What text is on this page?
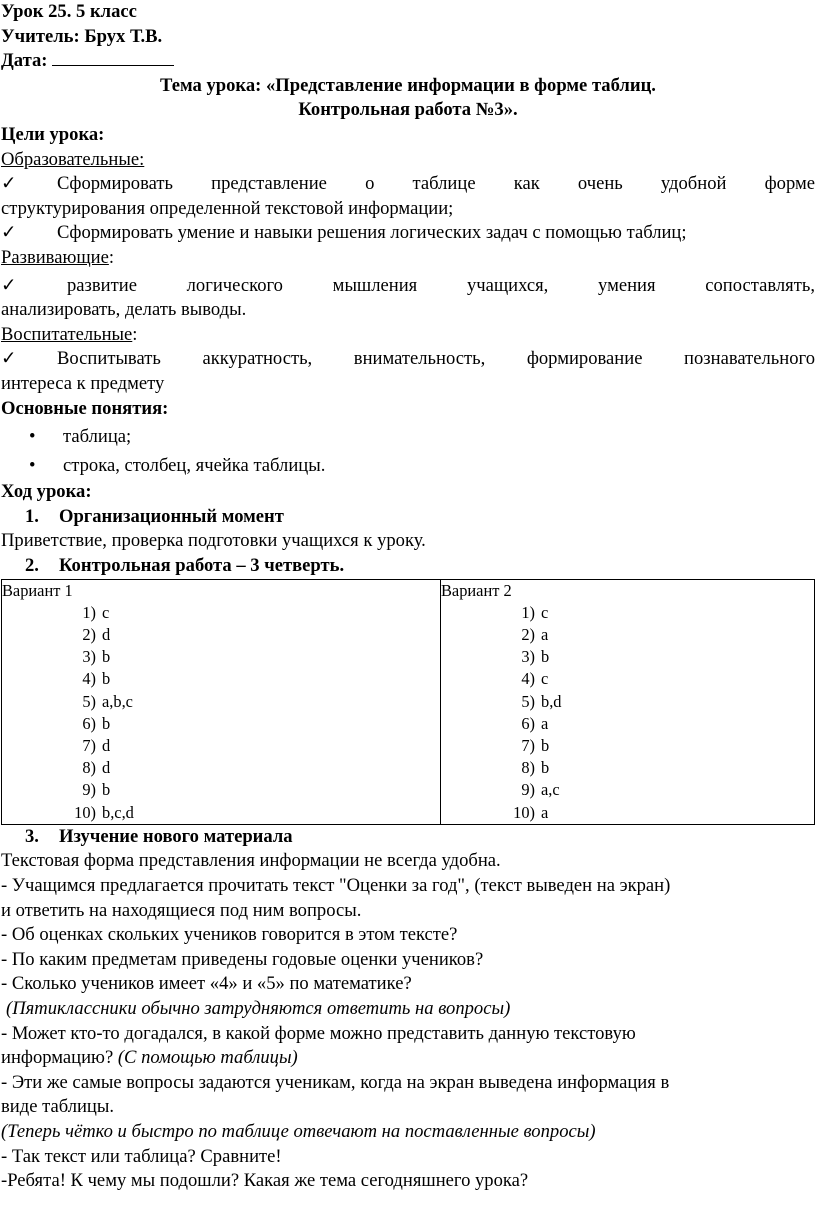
Урок 25. 5 класс
Учитель: Брух Т.В.
Дата:
Тема урока: «Представление информации в форме таблиц.
Контрольная работа №3».
Цели урока:
Образовательные:
✓ Сформировать представление о таблице как очень удобной форме
структурирования определенной текстовой информации;
✓ Сформировать умение и навыки решения логических задач с помощью таблиц;
Развивающие:
✓	развитие логического мышления учащихся, умения сопоставлять,
анализировать, делать выводы.
Воспитательные:
✓ Воспитывать аккуратность, внимательность, формирование познавательного
интереса к предмету
Основные понятия:
• таблица;
• строка, столбец, ячейка таблицы.
Ход урока:
1. Организационный момент
Приветствие, проверка подготовки учащихся к уроку.
2. Контрольная работа – 3 четверть.
Вариант 1
1) c
2) d
3) b
4) b
5) a,b,c
6) b
7) d
8) d
9) b
10) b,c,d

Вариант 2
1) c
2) a
3) b
4) c
5) b,d
6) a
7) b
8) b
9) a,c
10) a
3. Изучение нового материала
Текстовая форма представления информации не всегда удобна.
- Учащимся предлагается прочитать текст "Оценки за год", (текст выведен на экран)
и ответить на находящиеся под ним вопросы.
- Об оценках скольких учеников говорится в этом тексте?
- По каким предметам приведены годовые оценки учеников?
- Сколько учеников имеет «4» и «5» по математике?
(Пятиклассники обычно затрудняются ответить на вопросы)
- Может кто-то догадался, в какой форме можно представить данную текстовую
информацию? (С помощью таблицы)
- Эти же самые вопросы задаются ученикам, когда на экран выведена информация в
виде таблицы.
(Теперь чётко и быстро по таблице отвечают на поставленные вопросы)
- Так текст или таблица? Сравните!
-Ребята! К чему мы подошли? Какая же тема сегодняшнего урока?
